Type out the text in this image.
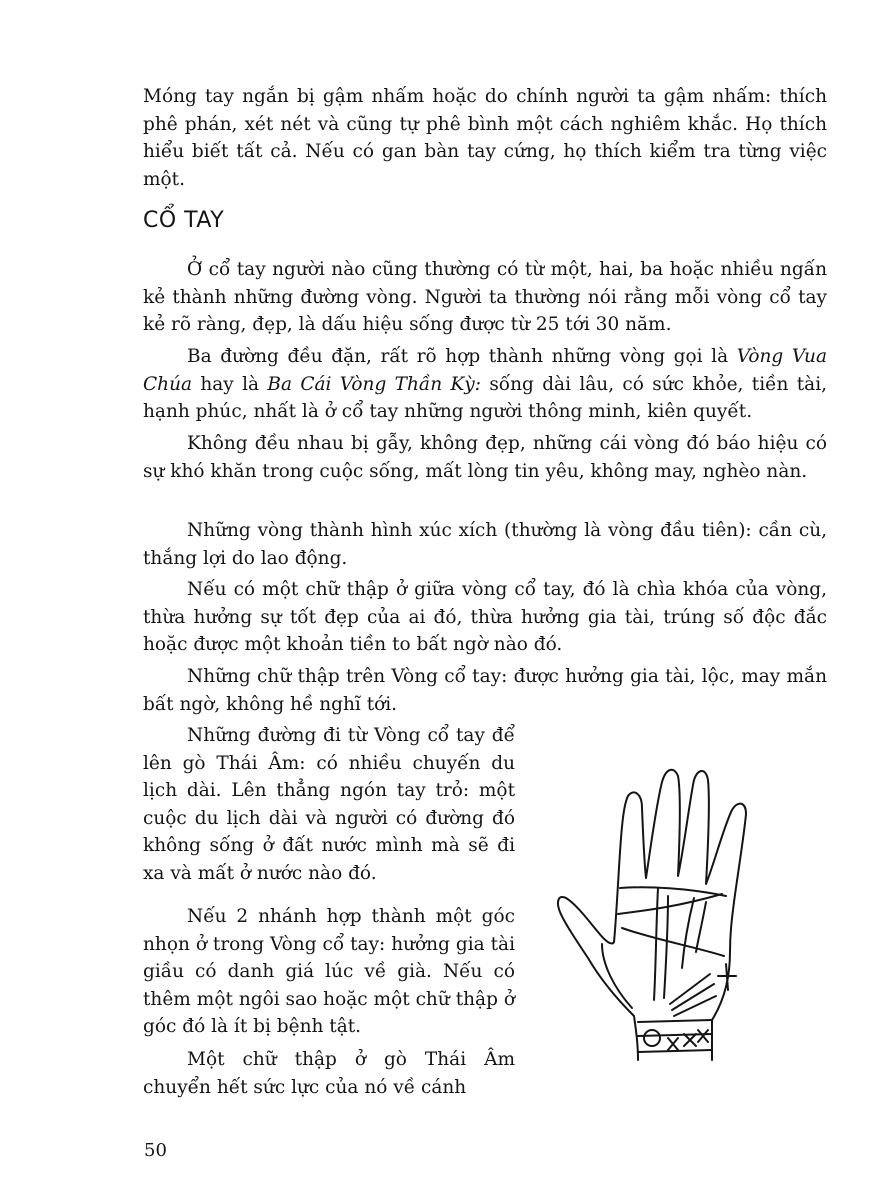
Móng tay ngắn bị gậm nhấm hoặc do chính người ta gậm nhấm: thích phê phán, xét nét và cũng tự phê bình một cách nghiêm khắc. Họ thích hiểu biết tất cả. Nếu có gan bàn tay cứng, họ thích kiểm tra từng việc một.

CỔ TAY

Ở cổ tay người nào cũng thường có từ một, hai, ba hoặc nhiều ngấn kẻ thành những đường vòng. Người ta thường nói rằng mỗi vòng cổ tay kẻ rõ ràng, đẹp, là dấu hiệu sống được từ 25 tới 30 năm.

Ba đường đều đặn, rất rõ hợp thành những vòng gọi là Vòng Vua Chúa hay là Ba Cái Vòng Thần Kỳ: sống dài lâu, có sức khỏe, tiền tài, hạnh phúc, nhất là ở cổ tay những người thông minh, kiên quyết.

Không đều nhau bị gẫy, không đẹp, những cái vòng đó báo hiệu có sự khó khăn trong cuộc sống, mất lòng tin yêu, không may, nghèo nàn.

Những vòng thành hình xúc xích (thường là vòng đầu tiên): cần cù, thắng lợi do lao động.

Nếu có một chữ thập ở giữa vòng cổ tay, đó là chìa khóa của vòng, thừa hưởng sự tốt đẹp của ai đó, thừa hưởng gia tài, trúng số độc đắc hoặc được một khoản tiền to bất ngờ nào đó.

Những chữ thập trên Vòng cổ tay: được hưởng gia tài, lộc, may mắn bất ngờ, không hề nghĩ tới.

Những đường đi từ Vòng cổ tay để lên gò Thái Âm: có nhiều chuyến du lịch dài. Lên thẳng ngón tay trỏ: một cuộc du lịch dài và người có đường đó không sống ở đất nước mình mà sẽ đi xa và mất ở nước nào đó.

Nếu 2 nhánh hợp thành một góc nhọn ở trong Vòng cổ tay: hưởng gia tài giầu có danh giá lúc về già. Nếu có thêm một ngôi sao hoặc một chữ thập ở góc đó là ít bị bệnh tật.

Một chữ thập ở gò Thái Âm chuyển hết sức lực của nó về cánh

50
